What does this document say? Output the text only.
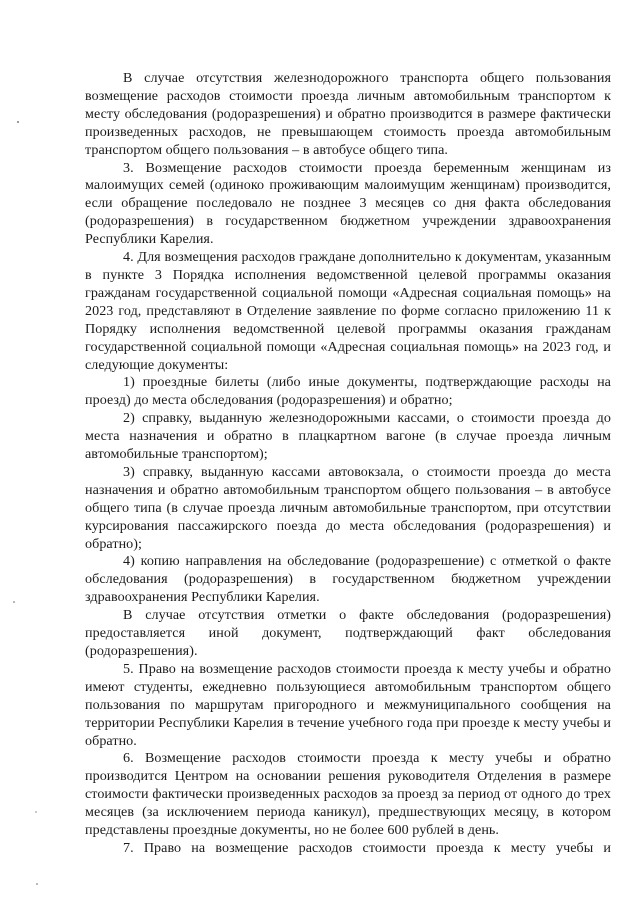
В случае отсутствия железнодорожного транспорта общего пользования возмещение расходов стоимости проезда личным автомобильным транспортом к месту обследования (родоразрешения) и обратно производится в размере фактически произведенных расходов, не превышающем стоимость проезда автомобильным транспортом общего пользования – в автобусе общего типа.

3. Возмещение расходов стоимости проезда беременным женщинам из малоимущих семей (одиноко проживающим малоимущим женщинам) производится, если обращение последовало не позднее 3 месяцев со дня факта обследования (родоразрешения) в государственном бюджетном учреждении здравоохранения Республики Карелия.

4. Для возмещения расходов граждане дополнительно к документам, указанным в пункте 3 Порядка исполнения ведомственной целевой программы оказания гражданам государственной социальной помощи «Адресная социальная помощь» на 2023 год, представляют в Отделение заявление по форме согласно приложению 11 к Порядку исполнения ведомственной целевой программы оказания гражданам государственной социальной помощи «Адресная социальная помощь» на 2023 год, и следующие документы:

1) проездные билеты (либо иные документы, подтверждающие расходы на проезд) до места обследования (родоразрешения) и обратно;

2) справку, выданную железнодорожными кассами, о стоимости проезда до места назначения и обратно в плацкартном вагоне (в случае проезда личным автомобильные транспортом);

3) справку, выданную кассами автовокзала, о стоимости проезда до места назначения и обратно автомобильным транспортом общего пользования – в автобусе общего типа (в случае проезда личным автомобильные транспортом, при отсутствии курсирования пассажирского поезда до места обследования (родоразрешения) и обратно);

4) копию направления на обследование (родоразрешение) с отметкой о факте обследования (родоразрешения) в государственном бюджетном учреждении здравоохранения Республики Карелия.

В случае отсутствия отметки о факте обследования (родоразрешения) предоставляется иной документ, подтверждающий факт обследования (родоразрешения).

5. Право на возмещение расходов стоимости проезда к месту учебы и обратно имеют студенты, ежедневно пользующиеся автомобильным транспортом общего пользования по маршрутам пригородного и межмуниципального сообщения на территории Республики Карелия в течение учебного года при проезде к месту учебы и обратно.

6. Возмещение расходов стоимости проезда к месту учебы и обратно производится Центром на основании решения руководителя Отделения в размере стоимости фактически произведенных расходов за проезд за период от одного до трех месяцев (за исключением периода каникул), предшествующих месяцу, в котором представлены проездные документы, но не более 600 рублей в день.

7. Право на возмещение расходов стоимости проезда к месту учебы и
